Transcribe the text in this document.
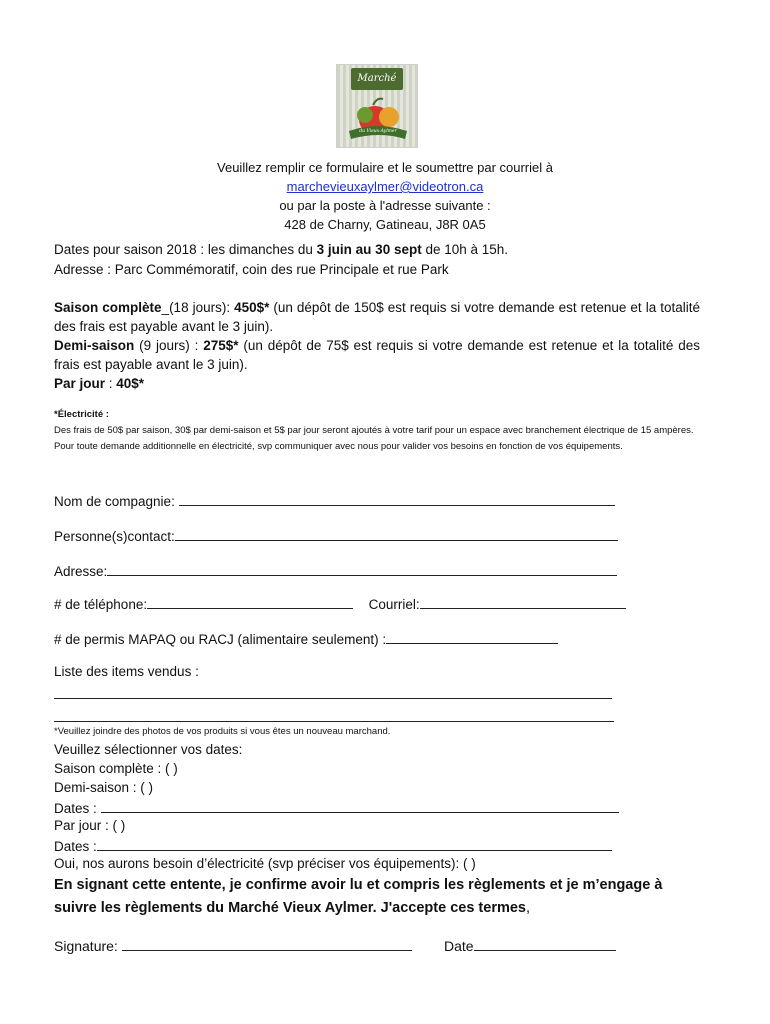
Marché
du Vieux-Aylmer
Veuillez remplir ce formulaire et le soumettre par courriel à
marchevieuxaylmer@videotron.ca
ou par la poste à l'adresse suivante :
428 de Charny, Gatineau, J8R 0A5
Dates pour saison 2018 : les dimanches du 3 juin au 30 sept de 10h à 15h.
Adresse : Parc Commémoratif, coin des rue Principale et rue Park
Saison complète_(18 jours): 450$* (un dépôt de 150$ est requis si votre demande est retenue et la totalité des frais est payable avant le 3 juin).
Demi-saison (9 jours) : 275$* (un dépôt de 75$ est requis si votre demande est retenue et la totalité des frais est payable avant le 3 juin).
Par jour : 40$*
*Électricité :
Des frais de 50$ par saison, 30$ par demi-saison et 5$ par jour seront ajoutés à votre tarif pour un espace avec branchement électrique de 15 ampères. Pour toute demande additionnelle en électricité, svp communiquer avec nous pour valider vos besoins en fonction de vos équipements.
Nom de compagnie:
Personne(s)contact:
Adresse:
# de téléphone:	Courriel:
# de permis MAPAQ ou RACJ (alimentaire seulement) :
Liste des items vendus :
*Veuillez joindre des photos de vos produits si vous êtes un nouveau marchand.
Veuillez sélectionner vos dates:
Saison complète : ( )
Demi-saison : ( )
Dates :
Par jour : ( )
Dates :
Oui, nos aurons besoin d’électricité (svp préciser vos équipements): ( )
En signant cette entente, je confirme avoir lu et compris les règlements et je m’engage à suivre les règlements du Marché Vieux Aylmer. J'accepte ces termes,
Signature:	Date
